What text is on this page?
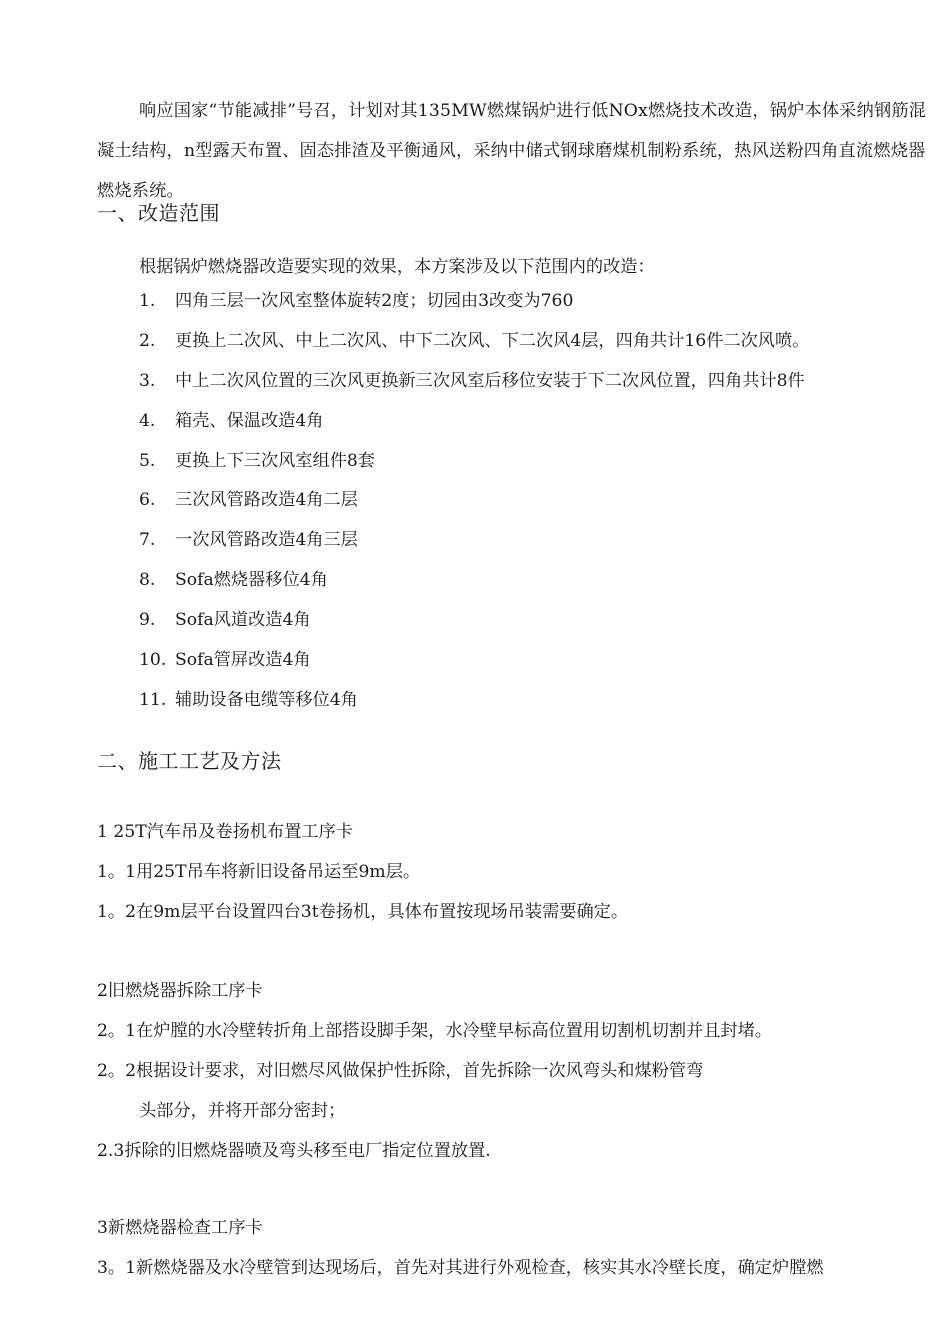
响应国家“节能减排”号召，计划对其135MW燃煤锅炉进行低NOx燃烧技术改造，锅炉本体采纳钢筋混凝土结构，n型露天布置、固态排渣及平衡通风，采纳中储式钢球磨煤机制粉系统，热风送粉四角直流燃烧器燃烧系统。

一、改造范围

根据锅炉燃烧器改造要实现的效果，本方案涉及以下范围内的改造：

1. 四角三层一次风室整体旋转2度；切园由3改变为760
2. 更换上二次风、中上二次风、中下二次风、下二次风4层，四角共计16件二次风喷。
3. 中上二次风位置的三次风更换新三次风室后移位安装于下二次风位置，四角共计8件
4. 箱壳、保温改造4角
5. 更换上下三次风室组件8套
6. 三次风管路改造4角二层
7. 一次风管路改造4角三层
8. Sofa燃烧器移位4角
9. Sofa风道改造4角
10. Sofa管屏改造4角
11. 辅助设备电缆等移位4角
二、施工工艺及方法

1 25T汽车吊及卷扬机布置工序卡

1。1用25T吊车将新旧设备吊运至9m层。

1。2在9m层平台设置四台3t卷扬机，具体布置按现场吊装需要确定。

2旧燃烧器拆除工序卡

2。1在炉膛的水冷壁转折角上部搭设脚手架，水冷壁早标高位置用切割机切割并且封堵。

2。2根据设计要求，对旧燃尽风做保护性拆除，首先拆除一次风弯头和煤粉管弯

头部分，并将开部分密封；

2.3拆除的旧燃烧器喷及弯头移至电厂指定位置放置.

3新燃烧器检查工序卡

3。1新燃烧器及水冷壁管到达现场后，首先对其进行外观检查，核实其水冷壁长度，确定炉膛燃
